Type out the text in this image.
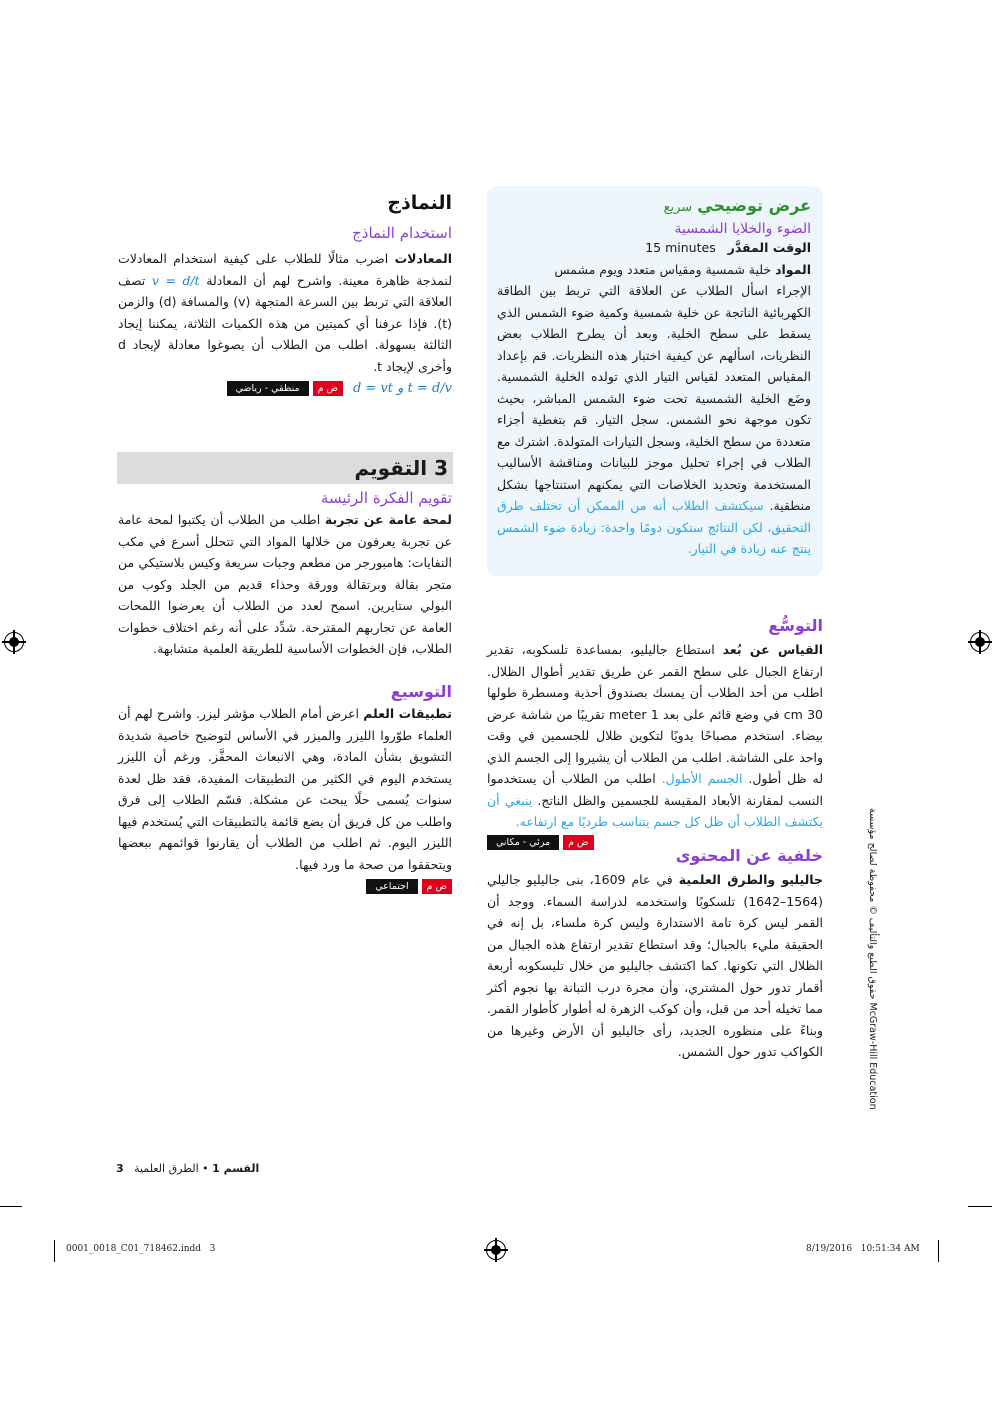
النماذج
استخدام النماذج

المعادلات اضرب مثالًا للطلاب على كيفية استخدام المعادلات لنمذجة ظاهرة معينة. واشرح لهم أن المعادلة v = d/t تصف العلاقة التي تربط بين السرعة المتجهة (v) والمسافة (d) والزمن (t). فإذا عرفنا أي كميتين من هذه الكميات الثلاثة، يمكننا إيجاد الثالثة بسهولة. اطلب من الطلاب أن يصوغوا معادلة لإيجاد d وأخرى لإيجاد t.

d = vt و t = d/v
ض م
منطقي - رياضي
3 التقويم
تقويم الفكرة الرئيسة

لمحة عامة عن تجربة اطلب من الطلاب أن يكتبوا لمحة عامة عن تجربة يعرفون من خلالها المواد التي تتحلل أسرع في مكب النفايات: هامبورجر من مطعم وجبات سريعة وكيس بلاستيكي من متجر بقالة وبرتقالة وورقة وحذاء قديم من الجلد وكوب من البولي ستايرين. اسمح لعدد من الطلاب أن يعرضوا اللمحات العامة عن تجاربهم المقترحة. شدِّد على أنه رغم اختلاف خطوات الطلاب، فإن الخطوات الأساسية للطريقة العلمية متشابهة.

التوسيع

تطبيقات العلم اعرض أمام الطلاب مؤشر ليزر. واشرح لهم أن العلماء طوّروا الليزر والميزر في الأساس لتوضيح خاصية شديدة التشويق بشأن المادة، وهي الانبعاث المحفَّز. ورغم أن الليزر يستخدم اليوم في الكثير من التطبيقات المفيدة، فقد ظل لعدة سنوات يُسمى حلًا يبحث عن مشكلة. قسّم الطلاب إلى فرق واطلب من كل فريق أن يضع قائمة بالتطبيقات التي يُستخدم فيها الليزر اليوم. ثم اطلب من الطلاب أن يقارنوا قوائمهم ببعضها ويتحققوا من صحة ما ورد فيها.

ض م
اجتماعي
عرض توضيحي سريع
الضوء والخلايا الشمسية

الوقت المقدَّر   15 minutes

المواد خلية شمسية ومقياس متعدد ويوم مشمس

الإجراء اسأل الطلاب عن العلاقة التي تربط بين الطاقة الكهربائية الناتجة عن خلية شمسية وكمية ضوء الشمس الذي يسقط على سطح الخلية. وبعد أن يطرح الطلاب بعض النظريات، اسألهم عن كيفية اختبار هذه النظريات. قم بإعداد المقياس المتعدد لقياس التيار الذي تولده الخلية الشمسية. وضَع الخلية الشمسية تحت ضوء الشمس المباشر، بحيث تكون موجهة نحو الشمس. سجل التيار. قم بتغطية أجزاء متعددة من سطح الخلية، وسجل التيارات المتولدة. اشترك مع الطلاب في إجراء تحليل موجز للبيانات ومناقشة الأساليب المستخدمة وتحديد الخلاصات التي يمكنهم استنتاجها بشكل منطقية. سيكتشف الطلاب أنه من الممكن أن تختلف طرق التحقيق، لكن النتائج ستكون دومًا واحدة: زيادة ضوء الشمس ينتج عنه زيادة في التيار.

التوسُّع

القياس عن بُعد استطاع جاليليو، بمساعدة تلسكوبه، تقدير ارتفاع الجبال على سطح القمر عن طريق تقدير أطوال الظلال. اطلب من أحد الطلاب أن يمسك بصندوق أحذية ومسطرة طولها 30 cm في وضع قائم على بعد 1 meter تقريبًا من شاشة عرض بيضاء. استخدم مصباحًا يدويًا لتكوين ظلال للجسمين في وقت واحد على الشاشة. اطلب من الطلاب أن يشيروا إلى الجسم الذي له ظل أطول. الجسم الأطول. اطلب من الطلاب أن يستخدموا النسب لمقارنة الأبعاد المقيسة للجسمين والظل الناتج. ينبغي أن يكتشف الطلاب أن ظل كل جسم يتناسب طرديًا مع ارتفاعه.

ض م
مرئي - مكاني
خلفية عن المحتوى

جاليليو والطرق العلمية في عام 1609، بنى جاليليو جاليلي (1564–1642) تلسكوبًا واستخدمه لدراسة السماء. ووجد أن القمر ليس كرة تامة الاستدارة وليس كرة ملساء، بل إنه في الحقيقة مليء بالجبال؛ وقد استطاع تقدير ارتفاع هذه الجبال من الظلال التي تكونها. كما اكتشف جاليليو من خلال تليسكوبه أربعة أقمار تدور حول المشتري، وأن مجرة درب التبانة بها نجوم أكثر مما تخيله أحد من قبل، وأن كوكب الزهرة له أطوار كأطوار القمر. وبناءً على منظوره الجديد، رأى جاليليو أن الأرض وغيرها من الكواكب تدور حول الشمس.

McGraw-Hill Education حقوق الطبع والتأليف © محفوظة لصالح مؤسسة
القسم 1 • الطرق العلمية   3
0001_0018_C01_718462.indd   3	8/19/2016   10:51:34 AM
